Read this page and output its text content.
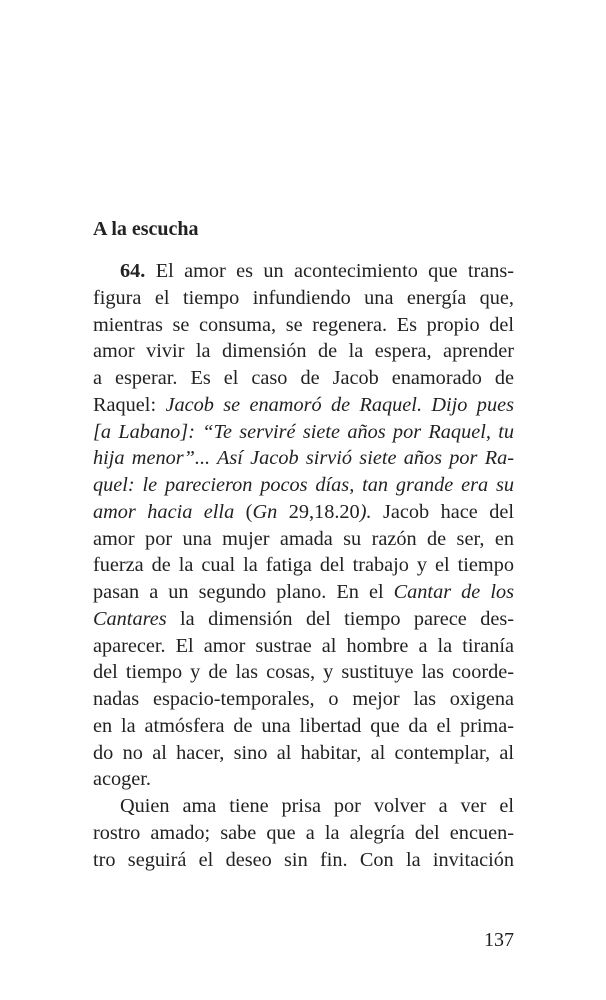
A la escucha
64. El amor es un acontecimiento que trans-
figura el tiempo infundiendo una energía que,
mientras se consuma, se regenera. Es propio del
amor vivir la dimensión de la espera, aprender
a esperar. Es el caso de Jacob enamorado de
Raquel: Jacob se enamoró de Raquel. Dijo pues
[a Labano]: “Te serviré siete años por Raquel, tu
hija menor”... Así Jacob sirvió siete años por Ra-
quel: le parecieron pocos días, tan grande era su
amor hacia ella (Gn 29,18.20). Jacob hace del
amor por una mujer amada su razón de ser, en
fuerza de la cual la fatiga del trabajo y el tiempo
pasan a un segundo plano. En el Cantar de los
Cantares la dimensión del tiempo parece des-
aparecer. El amor sustrae al hombre a la tiranía
del tiempo y de las cosas, y sustituye las coorde-
nadas espacio-temporales, o mejor las oxigena
en la atmósfera de una libertad que da el prima-
do no al hacer, sino al habitar, al contemplar, al
acoger.
Quien ama tiene prisa por volver a ver el
rostro amado; sabe que a la alegría del encuen-
tro seguirá el deseo sin fin. Con la invitación
137
